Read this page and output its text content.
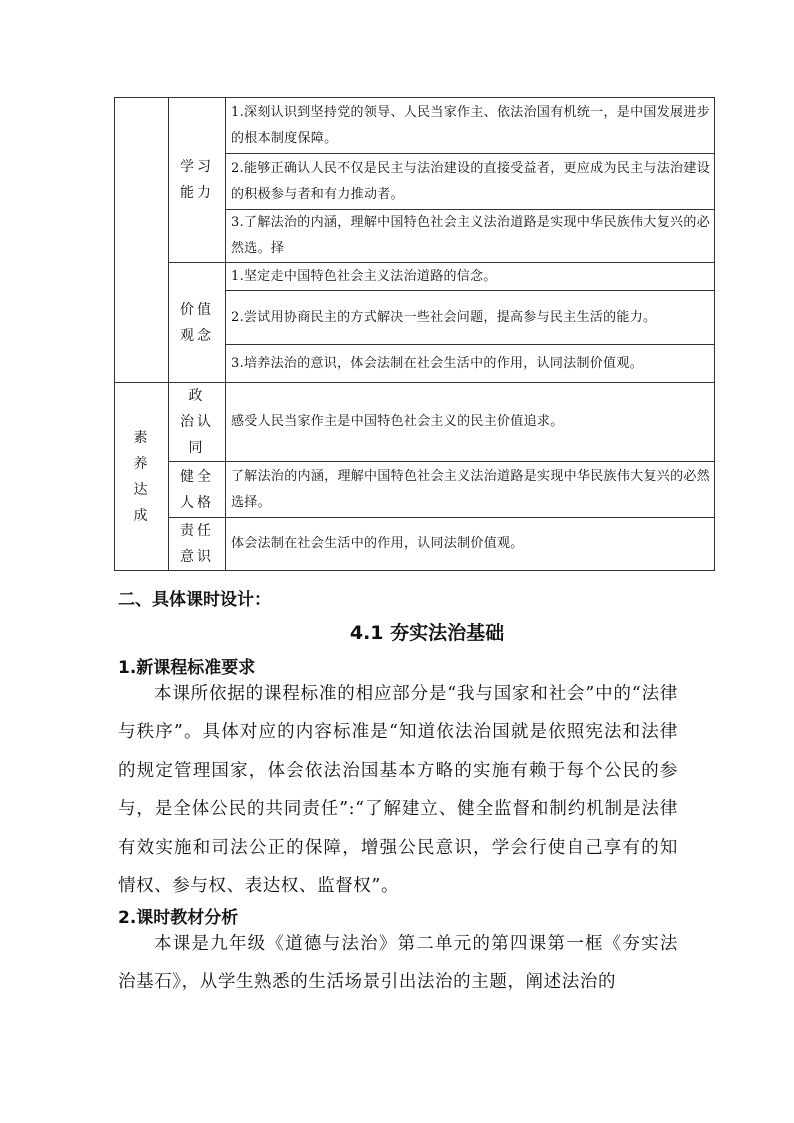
	学习能力	1.深刻认识到坚持党的领导、人民当家作主、依法治国有机统一，是中国发展进步的根本制度保障。
		2.能够正确认人民不仅是民主与法治建设的直接受益者，更应成为民主与法治建设的积极参与者和有力推动者。
		3.了解法治的内涵，理解中国特色社会主义法治道路是实现中华民族伟大复兴的必然选。择
	价值观念	1.坚定走中国特色社会主义法治道路的信念。
		2.尝试用协商民主的方式解决一些社会问题，提高参与民主生活的能力。
		3.培养法治的意识，体会法制在社会生活中的作用，认同法制价值观。
素养达成	政 治认同	感受人民当家作主是中国特色社会主义的民主价值追求。
	健全人格	了解法治的内涵，理解中国特色社会主义法治道路是实现中华民族伟大复兴的必然选择。
	责任意识	体会法制在社会生活中的作用，认同法制价值观。
二、具体课时设计：
4.1 夯实法治基础
1.新课程标准要求
本课所依据的课程标准的相应部分是“我与国家和社会”中的“法律与秩序”。具体对应的内容标准是“知道依法治国就是依照宪法和法律的规定管理国家，体会依法治国基本方略的实施有赖于每个公民的参与，是全体公民的共同责任”:“了解建立、健全监督和制约机制是法律有效实施和司法公正的保障，增强公民意识，学会行使自己享有的知情权、参与权、表达权、监督权”。
2.课时教材分析
本课是九年级《道德与法治》第二单元的第四课第一框《夯实法治基石》，从学生熟悉的生活场景引出法治的主题，阐述法治的
